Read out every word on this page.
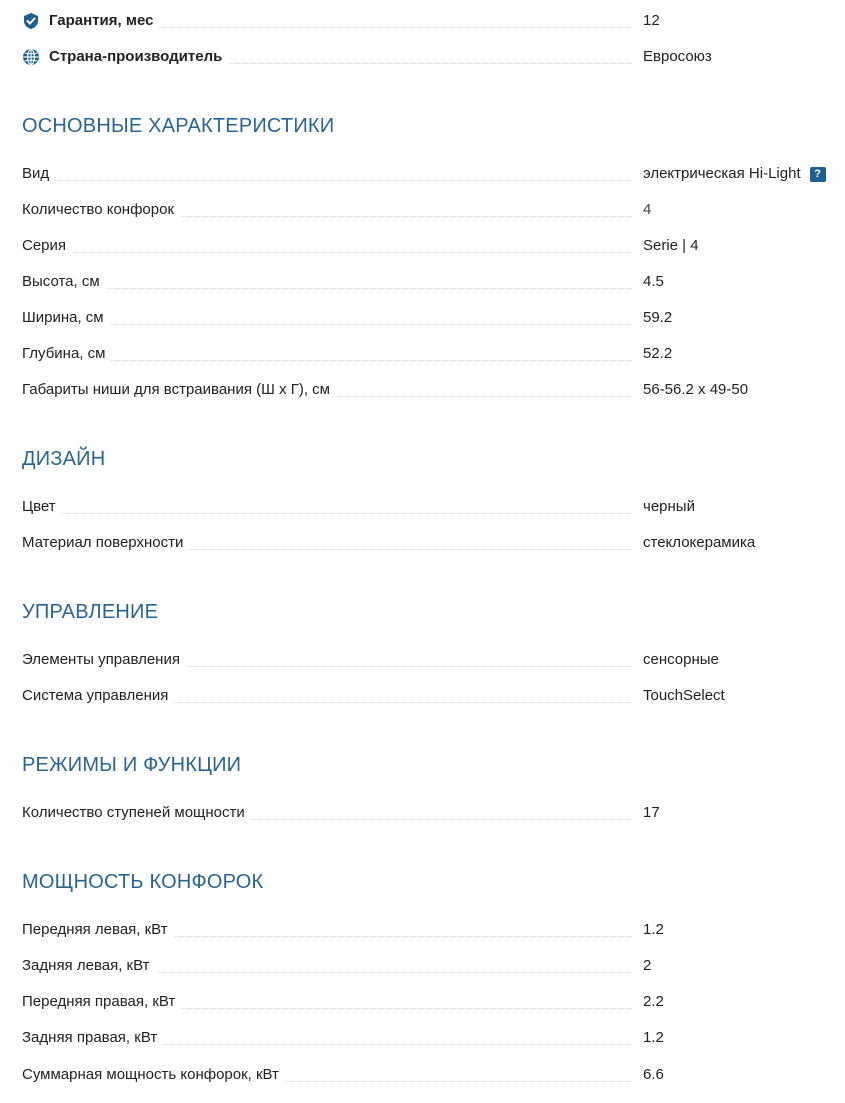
Гарантия, мес	12
Страна-производитель	Евросоюз
ОСНОВНЫЕ ХАРАКТЕРИСТИКИ
Вид	электрическая Hi-Light	?
Количество конфорок	4
Серия	Serie | 4
Высота, см	4.5
Ширина, см	59.2
Глубина, см	52.2
Габариты ниши для встраивания (Ш x Г), см	56-56.2 x 49-50
ДИЗАЙН
Цвет	черный
Материал поверхности	стеклокерамика
УПРАВЛЕНИЕ
Элементы управления	сенсорные
Система управления	TouchSelect
РЕЖИМЫ И ФУНКЦИИ
Количество ступеней мощности	17
МОЩНОСТЬ КОНФОРОК
Передняя левая, кВт	1.2
Задняя левая, кВт	2
Передняя правая, кВт	2.2
Задняя правая, кВт	1.2
Суммарная мощность конфорок, кВт	6.6
